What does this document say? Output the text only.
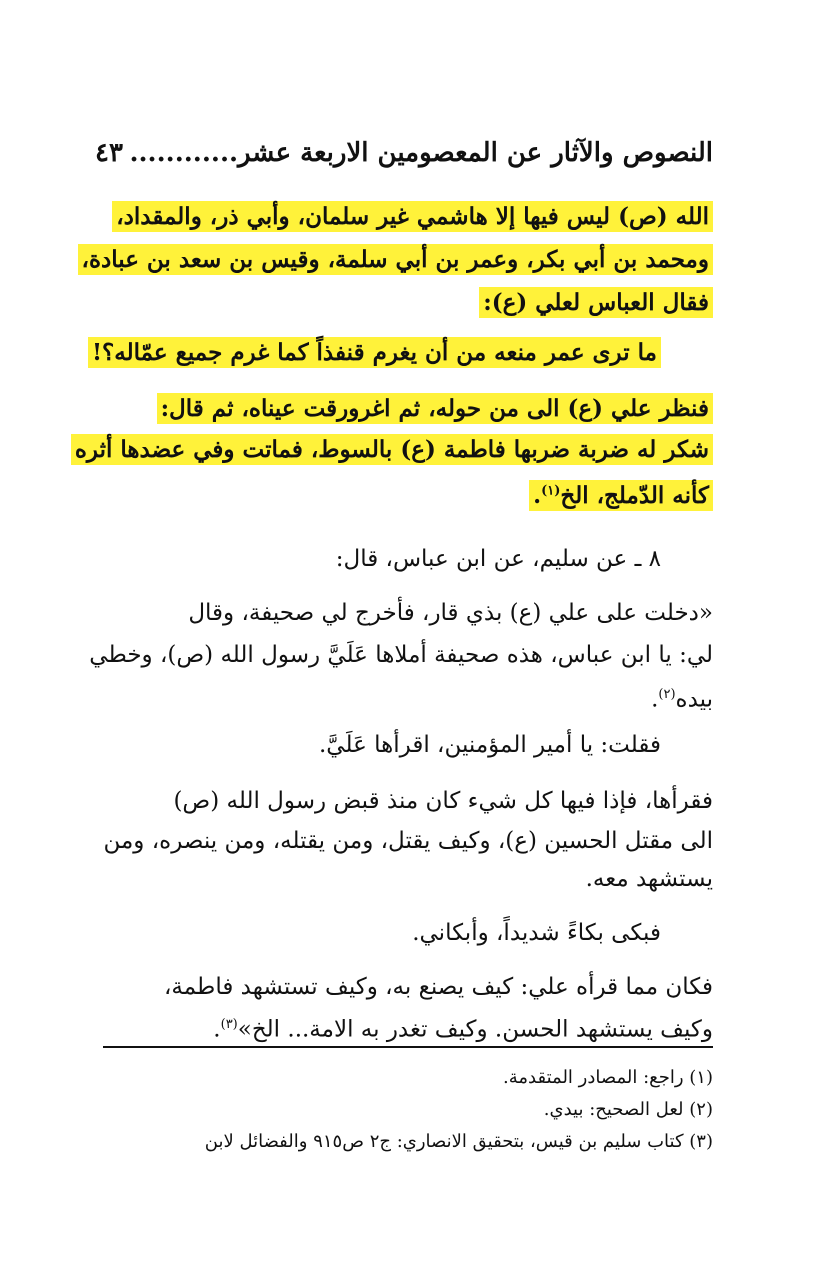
النصوص والآثار عن المعصومين الاربعة عشر............
٤٣
الله (ص) ليس فيها إلا هاشمي غير سلمان، وأبي ذر، والمقداد،
ومحمد بن أبي بكر، وعمر بن أبي سلمة، وقيس بن سعد بن عبادة،
فقال العباس لعلي (ع):
ما ترى عمر منعه من أن يغرم قنفذاً كما غرم جميع عمّاله؟!
فنظر علي (ع) الى من حوله، ثم اغرورقت عيناه، ثم قال:
شكر له ضربة ضربها فاطمة (ع) بالسوط، فماتت وفي عضدها أثره
كأنه الدّملج، الخ$^{(١)}$.
٨ ـ عن سليم، عن ابن عباس، قال:
«دخلت على علي (ع) بذي قار، فأخرج لي صحيفة، وقال
لي: يا ابن عباس، هذه صحيفة أملاها عَلَيَّ رسول الله (ص)، وخطي
بيده$^{(٢)}$.
فقلت: يا أمير المؤمنين، اقرأها عَلَيَّ.
فقرأها، فإذا فيها كل شيء كان منذ قبض رسول الله (ص)
الى مقتل الحسين (ع)، وكيف يقتل، ومن يقتله، ومن ينصره، ومن
يستشهد معه.
فبكى بكاءً شديداً، وأبكاني.
فكان مما قرأه علي: كيف يصنع به، وكيف تستشهد فاطمة،
وكيف يستشهد الحسن. وكيف تغدر به الامة... الخ»$^{(٣)}$.
(١) راجع: المصادر المتقدمة.
(٢) لعل الصحيح: بيدي.
(٣) كتاب سليم بن قيس، بتحقيق الانصاري: ج٢ ص٩١٥ والفضائل لابن
